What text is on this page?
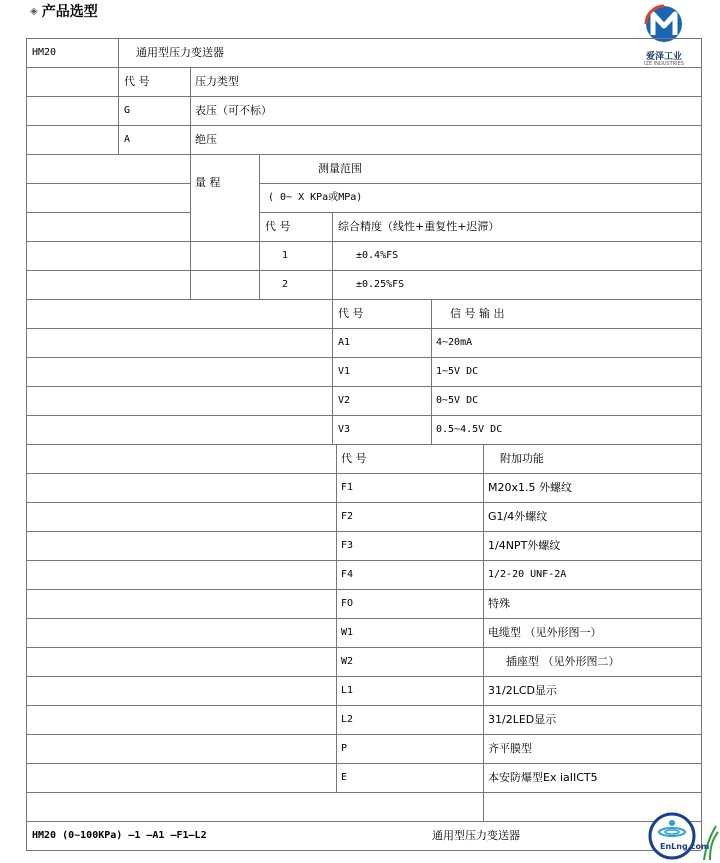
◈ 产品选型
爱泽工业
IZE INDUSTRIES
HM20	通用型压力变送器
代 号	压力类型
G	表压（可不标）
A	绝压
量 程
测量范围
( 0~ X KPa或MPa)
代 号	综合精度（线性+重复性+迟滞）
1	±0.4%FS
2	±0.25%FS
代 号	信 号 输 出
A1	4~20mA
V1	1~5V DC
V2	0~5V DC
V3	0.5~4.5V DC
代 号	附加功能
F1	M20x1.5 外螺纹
F2	G1/4外螺纹
F3	1/4NPT外螺纹
F4	1/2-20 UNF-2A
FO	特殊
W1	电缆型 （见外形图一）
W2	插座型 （见外形图二）
L1	31/2LCD显示
L2	31/2LED显示
P	齐平膜型
E	本安防爆型Ex iaIICT5
HM20 (0~100KPa) —1 —A1 —F1—L2	通用型压力变送器
EnLng.com
